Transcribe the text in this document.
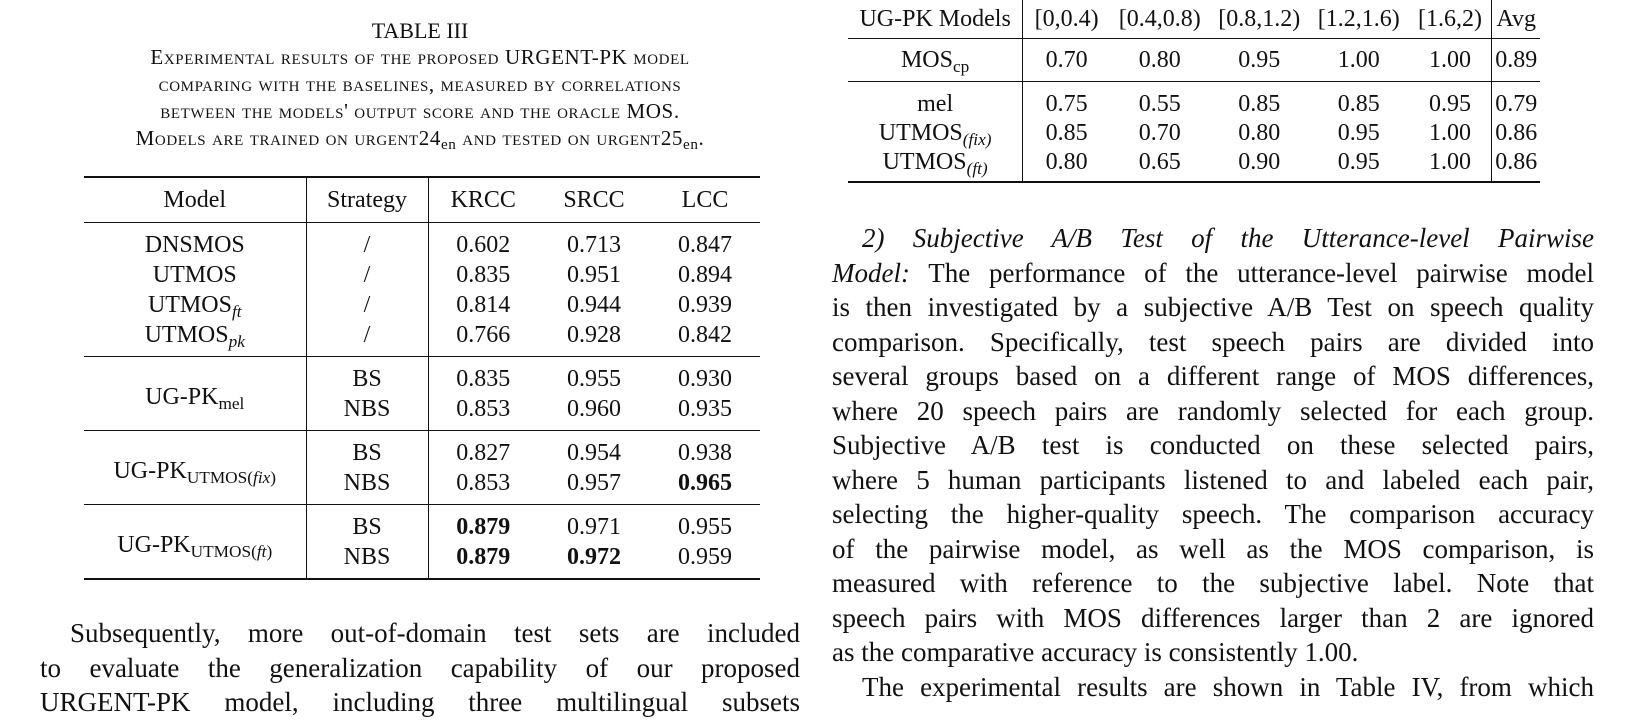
TABLE III
Experimental results of the proposed URGENT-PK model
comparing with the baselines, measured by correlations
between the models' output score and the oracle MOS.
Models are trained on $urgent24_{en}$ and tested on $urgent25_{en}$.
Model	Strategy	KRCC	SRCC	LCC
DNSMOS	/	0.602	0.713	0.847
UTMOS	/	0.835	0.951	0.894
$UTMOS_{ft}$	/	0.814	0.944	0.939
$UTMOS_{pk}$	/	0.766	0.928	0.842
$UG-PK_{mel}$	BS	0.835	0.955	0.930
	NBS	0.853	0.960	0.935
$UG-PK_{UTMOS(fix)}$	BS	0.827	0.954	0.938
	NBS	0.853	0.957	0.965
$UG-PK_{UTMOS(ft)}$	BS	0.879	0.971	0.955
	NBS	0.879	0.972	0.959
Subsequently, more out-of-domain test sets are included
to evaluate the generalization capability of our proposed
URGENT-PK model, including three multilingual subsets
UG-PK Models	[0,0.4)	[0.4,0.8)	[0.8,1.2)	[1.2,1.6)	[1.6,2)	Avg
$MOS_{cp}$	0.70	0.80	0.95	1.00	1.00	0.89
mel	0.75	0.55	0.85	0.85	0.95	0.79
$UTMOS_{(fix)}$	0.85	0.70	0.80	0.95	1.00	0.86
$UTMOS_{(ft)}$	0.80	0.65	0.90	0.95	1.00	0.86
2) Subjective A/B Test of the Utterance-level Pairwise
Model: The performance of the utterance-level pairwise model
is then investigated by a subjective A/B Test on speech quality
comparison. Specifically, test speech pairs are divided into
several groups based on a different range of MOS differences,
where 20 speech pairs are randomly selected for each group.
Subjective A/B test is conducted on these selected pairs,
where 5 human participants listened to and labeled each pair,
selecting the higher-quality speech. The comparison accuracy
of the pairwise model, as well as the MOS comparison, is
measured with reference to the subjective label. Note that
speech pairs with MOS differences larger than 2 are ignored
as the comparative accuracy is consistently 1.00.
The experimental results are shown in Table IV, from which
